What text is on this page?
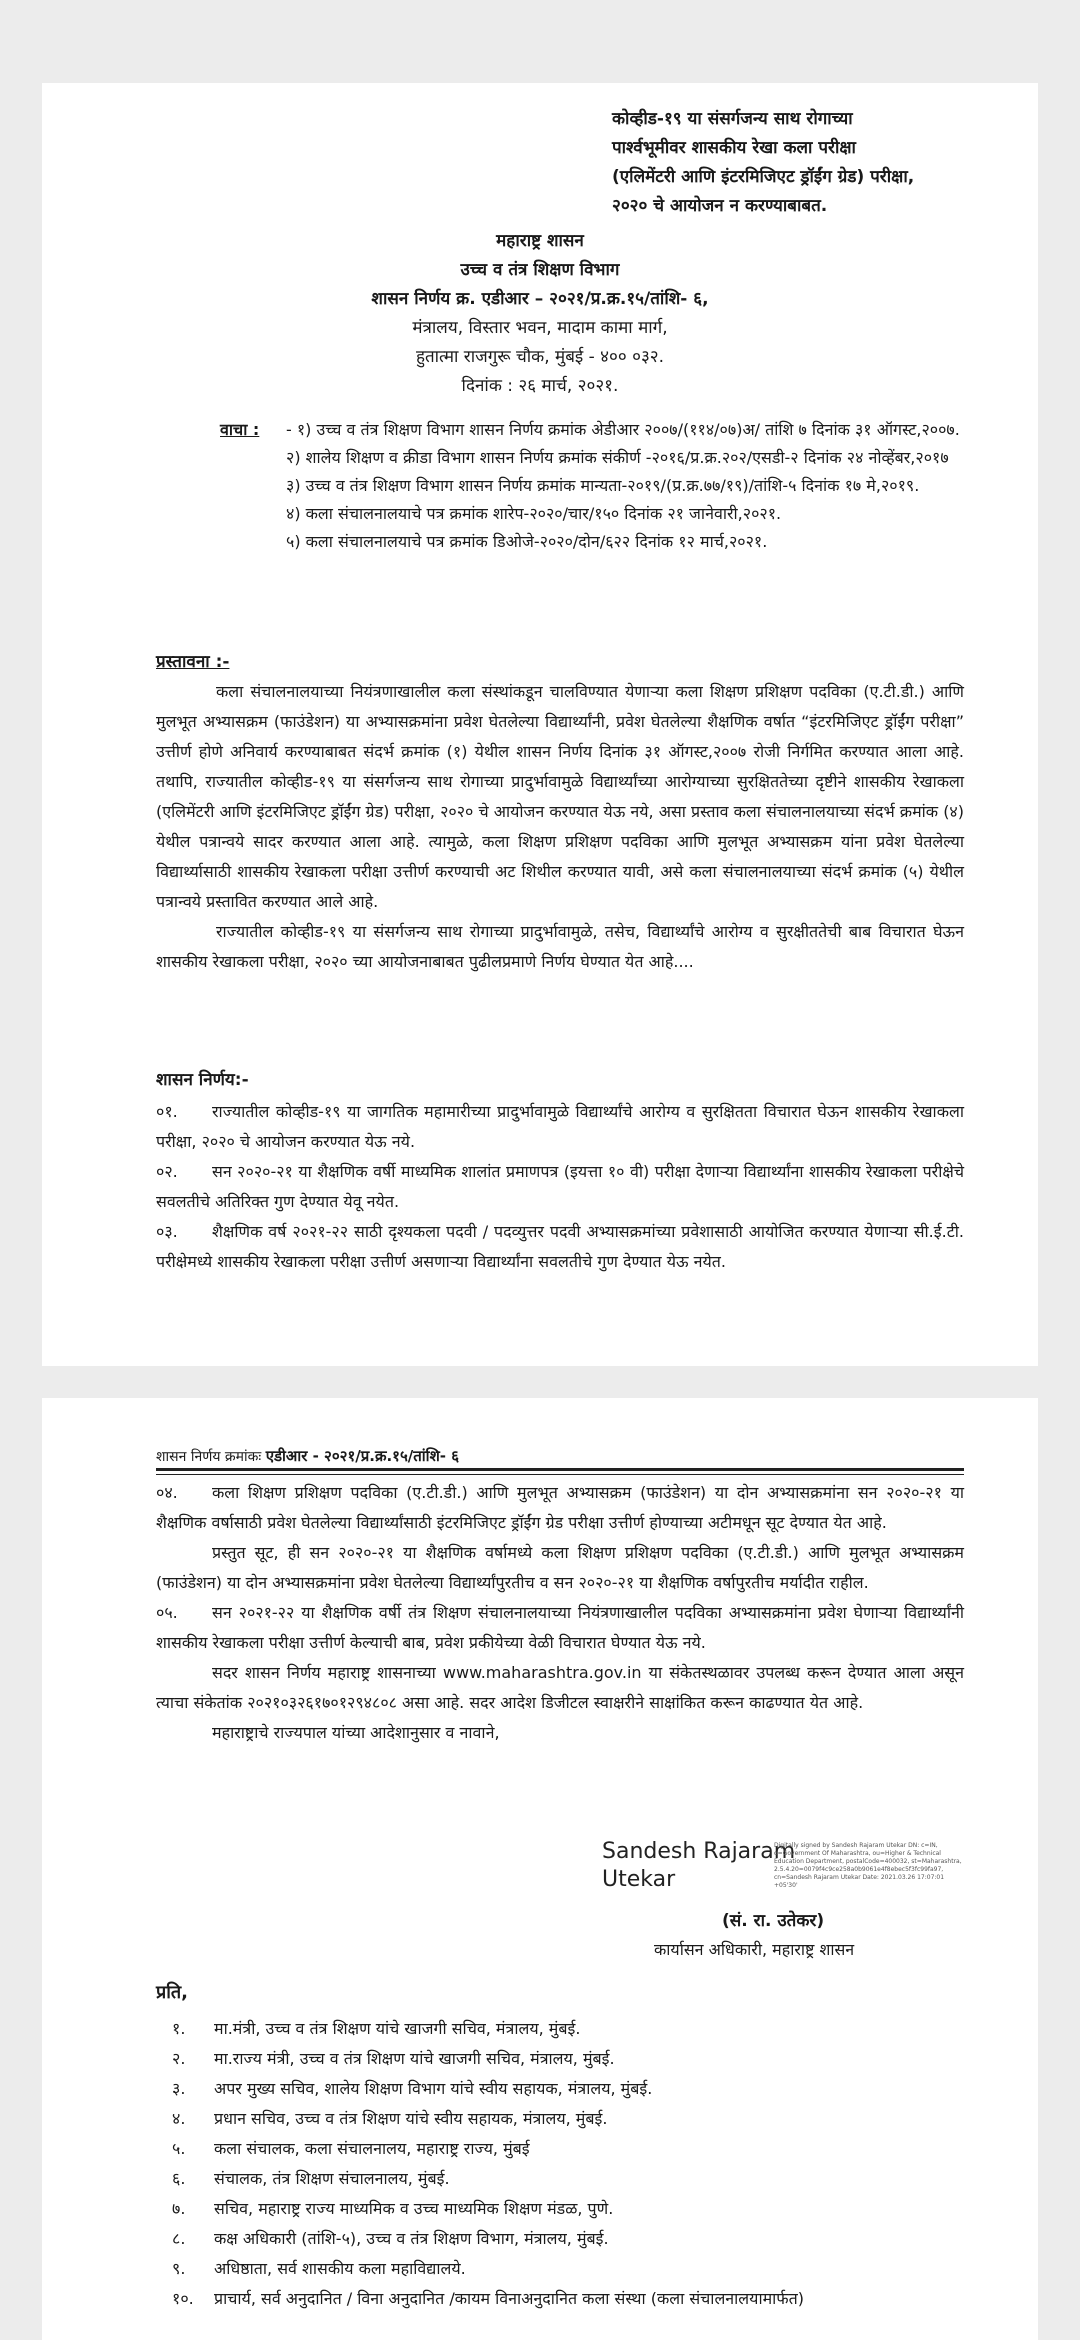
कोव्हीड-१९ या संसर्गजन्य साथ रोगाच्या पार्श्वभूमीवर शासकीय रेखा कला परीक्षा (एलिमेंटरी आणि इंटरमिजिएट ड्रॉईंग ग्रेड) परीक्षा, २०२० चे आयोजन न करण्याबाबत.
महाराष्ट्र शासन
उच्च व तंत्र शिक्षण विभाग
शासन निर्णय क्र. एडीआर – २०२१/प्र.क्र.१५/तांशि- ६,
मंत्रालय, विस्तार भवन, मादाम कामा मार्ग,
हुतात्मा राजगुरू चौक, मुंबई - ४०० ०३२.
दिनांक : २६ मार्च, २०२१.
वाचा :	- १) उच्च व तंत्र शिक्षण विभाग शासन निर्णय क्रमांक अेडीआर २००७/(११४/०७)अ/ तांशि ७ दिनांक ३१ ऑगस्ट,२००७.
२) शालेय शिक्षण व क्रीडा विभाग शासन निर्णय क्रमांक संकीर्ण -२०१६/प्र.क्र.२०२/एसडी-२ दिनांक २४ नोव्हेंबर,२०१७
३) उच्च व तंत्र शिक्षण विभाग शासन निर्णय क्रमांक मान्यता-२०१९/(प्र.क्र.७७/१९)/तांशि-५ दिनांक १७ मे,२०१९.
४) कला संचालनालयाचे पत्र क्रमांक शारेप-२०२०/चार/१५० दिनांक २१ जानेवारी,२०२१.
५) कला संचालनालयाचे पत्र क्रमांक डिओजे-२०२०/दोन/६२२ दिनांक १२ मार्च,२०२१.
प्रस्तावना :-

कला संचालनालयाच्या नियंत्रणाखालील कला संस्थांकडून चालविण्यात येणाऱ्या कला शिक्षण प्रशिक्षण पदविका (ए.टी.डी.) आणि मुलभूत अभ्यासक्रम (फाउंडेशन) या अभ्यासक्रमांना प्रवेश घेतलेल्या विद्यार्थ्यांनी, प्रवेश घेतलेल्या शैक्षणिक वर्षात “इंटरमिजिएट ड्रॉईंग परीक्षा” उत्तीर्ण होणे अनिवार्य करण्याबाबत संदर्भ क्रमांक (१) येथील शासन निर्णय दिनांक ३१ ऑगस्ट,२००७ रोजी निर्गमित करण्यात आला आहे. तथापि, राज्यातील कोव्हीड-१९ या संसर्गजन्य साथ रोगाच्या प्रादुर्भावामुळे विद्यार्थ्यांच्या आरोग्याच्या सुरक्षिततेच्या दृष्टीने शासकीय रेखाकला (एलिमेंटरी आणि इंटरमिजिएट ड्रॉईंग ग्रेड) परीक्षा, २०२० चे आयोजन करण्यात येऊ नये, असा प्रस्ताव कला संचालनालयाच्या संदर्भ क्रमांक (४) येथील पत्रान्वये सादर करण्यात आला आहे. त्यामुळे, कला शिक्षण प्रशिक्षण पदविका आणि मुलभूत अभ्यासक्रम यांना प्रवेश घेतलेल्या विद्यार्थ्यासाठी शासकीय रेखाकला परीक्षा उत्तीर्ण करण्याची अट शिथील करण्यात यावी, असे कला संचालनालयाच्या संदर्भ क्रमांक (५) येथील पत्रान्वये प्रस्तावित करण्यात आले आहे.

राज्यातील कोव्हीड-१९ या संसर्गजन्य साथ रोगाच्या प्रादुर्भावामुळे, तसेच, विद्यार्थ्यांचे आरोग्य व सुरक्षीततेची बाब विचारात घेऊन शासकीय रेखाकला परीक्षा, २०२० च्या आयोजनाबाबत पुढीलप्रमाणे निर्णय घेण्यात येत आहे....

शासन निर्णय:-
०१. राज्यातील कोव्हीड-१९ या जागतिक महामारीच्या प्रादुर्भावामुळे विद्यार्थ्यांचे आरोग्य व सुरक्षितता विचारात घेऊन शासकीय रेखाकला परीक्षा, २०२० चे आयोजन करण्यात येऊ नये.
०२. सन २०२०-२१ या शैक्षणिक वर्षी माध्यमिक शालांत प्रमाणपत्र (इयत्ता १० वी) परीक्षा देणाऱ्या विद्यार्थ्यांना शासकीय रेखाकला परीक्षेचे सवलतीचे अतिरिक्त गुण देण्यात येवू नयेत.
०३. शैक्षणिक वर्ष २०२१-२२ साठी दृश्यकला पदवी / पदव्युत्तर पदवी अभ्यासक्रमांच्या प्रवेशासाठी आयोजित करण्यात येणाऱ्या सी.ई.टी. परीक्षेमध्ये शासकीय रेखाकला परीक्षा उत्तीर्ण असणाऱ्या विद्यार्थ्यांना सवलतीचे गुण देण्यात येऊ नयेत.
शासन निर्णय क्रमांकः एडीआर - २०२१/प्र.क्र.१५/तांशि- ६
०४. कला शिक्षण प्रशिक्षण पदविका (ए.टी.डी.) आणि मुलभूत अभ्यासक्रम (फाउंडेशन) या दोन अभ्यासक्रमांना सन २०२०-२१ या शैक्षणिक वर्षासाठी प्रवेश घेतलेल्या विद्यार्थ्यांसाठी इंटरमिजिएट ड्रॉईंग ग्रेड परीक्षा उत्तीर्ण होण्याच्या अटीमधून सूट देण्यात येत आहे.
प्रस्तुत सूट, ही सन २०२०-२१ या शैक्षणिक वर्षामध्ये कला शिक्षण प्रशिक्षण पदविका (ए.टी.डी.) आणि मुलभूत अभ्यासक्रम (फाउंडेशन) या दोन अभ्यासक्रमांना प्रवेश घेतलेल्या विद्यार्थ्यांपुरतीच व सन २०२०-२१ या शैक्षणिक वर्षापुरतीच मर्यादीत राहील.
०५. सन २०२१-२२ या शैक्षणिक वर्षी तंत्र शिक्षण संचालनालयाच्या नियंत्रणाखालील पदविका अभ्यासक्रमांना प्रवेश घेणाऱ्या विद्यार्थ्यांनी शासकीय रेखाकला परीक्षा उत्तीर्ण केल्याची बाब, प्रवेश प्रकीयेच्या वेळी विचारात घेण्यात येऊ नये.
सदर शासन निर्णय महाराष्ट्र शासनाच्या www.maharashtra.gov.in या संकेतस्थळावर उपलब्ध करून देण्यात आला असून त्याचा संकेतांक २०२१०३२६१७०१२९४८०८ असा आहे. सदर आदेश डिजीटल स्वाक्षरीने साक्षांकित करून काढण्यात येत आहे.
महाराष्ट्राचे राज्यपाल यांच्या आदेशानुसार व नावाने,
Sandesh Rajaram
Utekar
Digitally signed by Sandesh Rajaram Utekar DN: c=IN, o=Government Of Maharashtra, ou=Higher & Technical Education Department, postalCode=400032, st=Maharashtra, 2.5.4.20=0079f4c9ce258a0b9061e4f8ebec5f3fc99fa97, cn=Sandesh Rajaram Utekar Date: 2021.03.26 17:07:01 +05'30'
(सं. रा. उतेकर)
कार्यासन अधिकारी, महाराष्ट्र शासन
प्रति,
१. मा.मंत्री, उच्च व तंत्र शिक्षण यांचे खाजगी सचिव, मंत्रालय, मुंबई.
२. मा.राज्य मंत्री, उच्च व तंत्र शिक्षण यांचे खाजगी सचिव, मंत्रालय, मुंबई.
३. अपर मुख्य सचिव, शालेय शिक्षण विभाग यांचे स्वीय सहायक, मंत्रालय, मुंबई.
४. प्रधान सचिव, उच्च व तंत्र शिक्षण यांचे स्वीय सहायक, मंत्रालय, मुंबई.
५. कला संचालक, कला संचालनालय, महाराष्ट्र राज्य, मुंबई
६. संचालक, तंत्र शिक्षण संचालनालय, मुंबई.
७. सचिव, महाराष्ट्र राज्य माध्यमिक व उच्च माध्यमिक शिक्षण मंडळ, पुणे.
८. कक्ष अधिकारी (तांशि-५), उच्च व तंत्र शिक्षण विभाग, मंत्रालय, मुंबई.
९. अधिष्ठाता, सर्व शासकीय कला महाविद्यालये.
१०. प्राचार्य, सर्व अनुदानित / विना अनुदानित /कायम विनाअनुदानित कला संस्था (कला संचालनालयामार्फत)
